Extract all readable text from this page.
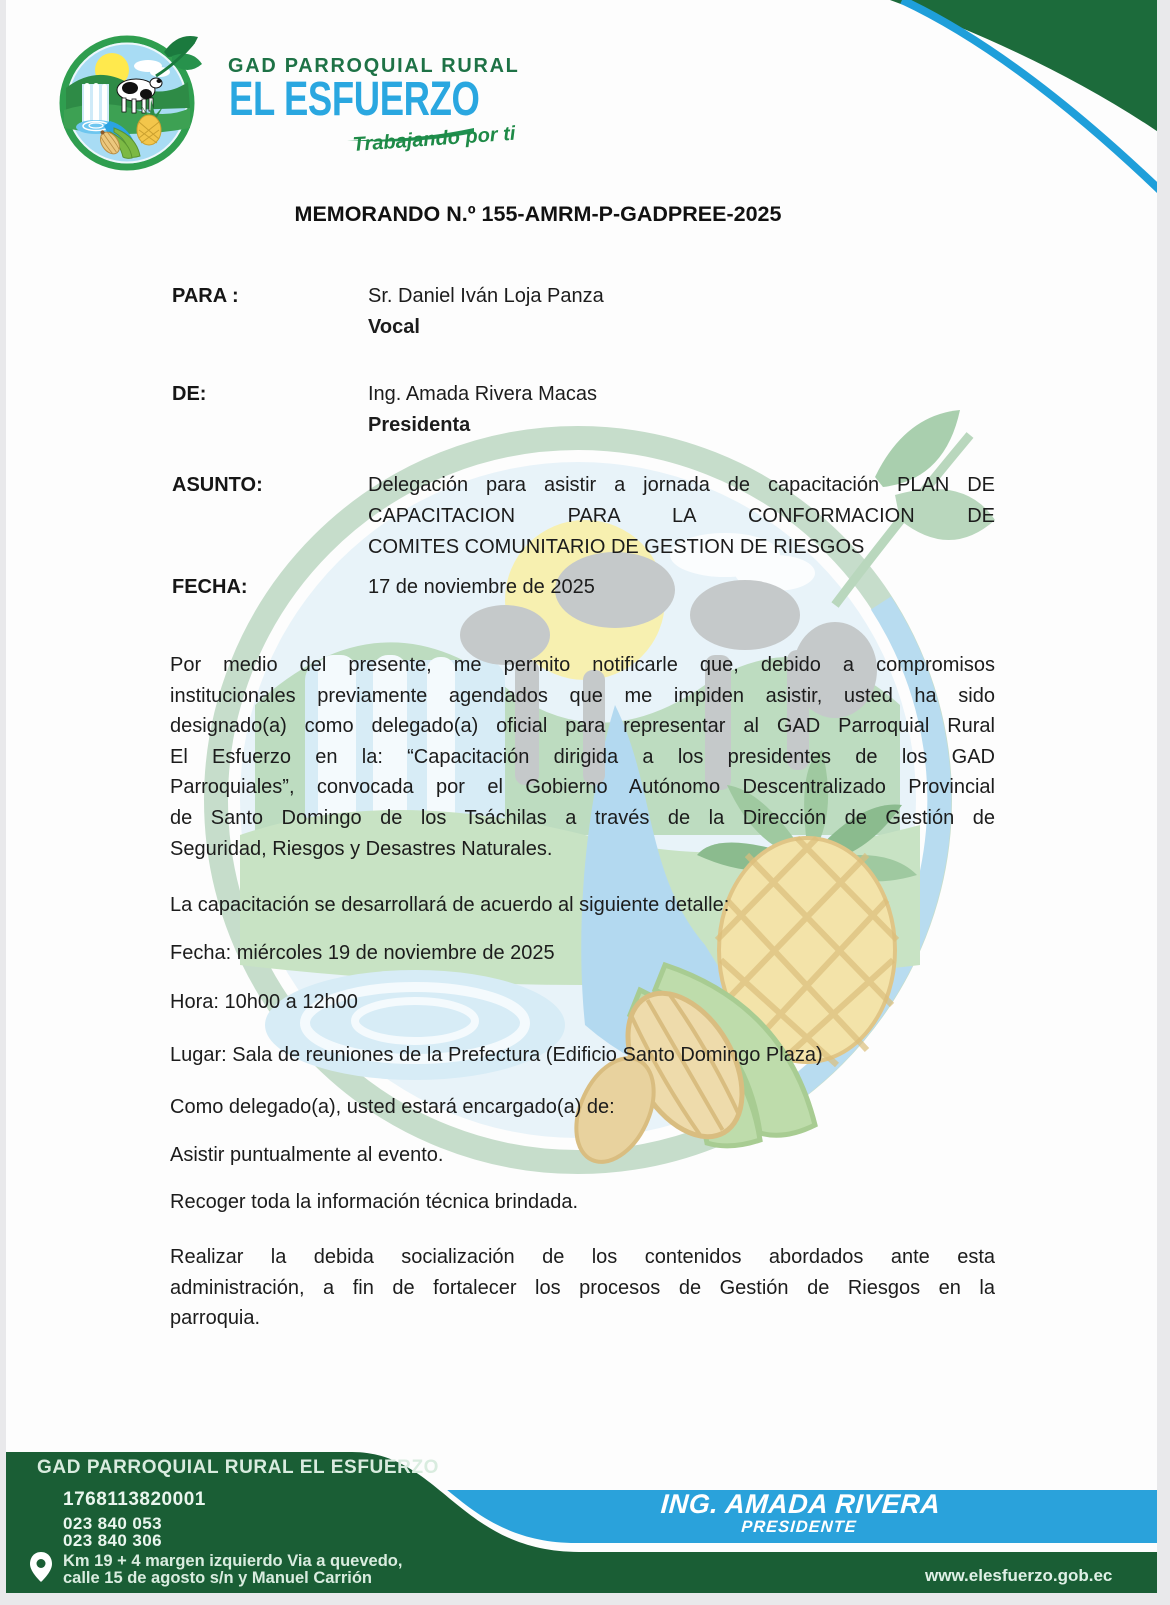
GAD PARROQUIAL RURAL
EL ESFUERZO
Trabajando por ti
MEMORANDO N.º 155-AMRM-P-GADPREE-2025
PARA :	Sr. Daniel Iván Loja Panza
Vocal
DE:	Ing. Amada Rivera Macas
Presidenta
ASUNTO:	Delegación para asistir a jornada de capacitación PLAN DE
CAPACITACION PARA LA CONFORMACION DE
COMITES COMUNITARIO DE GESTION DE RIESGOS
FECHA:	17 de noviembre de 2025
Por medio del presente, me permito notificarle que, debido a compromisos
institucionales previamente agendados que me impiden asistir, usted ha sido
designado(a) como delegado(a) oficial para representar al GAD Parroquial Rural
El Esfuerzo en la: “Capacitación dirigida a los presidentes de los GAD
Parroquiales”, convocada por el Gobierno Autónomo Descentralizado Provincial
de Santo Domingo de los Tsáchilas a través de la Dirección de Gestión de
Seguridad, Riesgos y Desastres Naturales.
La capacitación se desarrollará de acuerdo al siguiente detalle:
Fecha: miércoles 19 de noviembre de 2025
Hora: 10h00 a 12h00
Lugar: Sala de reuniones de la Prefectura (Edificio Santo Domingo Plaza)
Como delegado(a), usted estará encargado(a) de:
Asistir puntualmente al evento.
Recoger toda la información técnica brindada.
Realizar la debida socialización de los contenidos abordados ante esta
administración, a fin de fortalecer los procesos de Gestión de Riesgos en la
parroquia.
GAD PARROQUIAL RURAL EL ESFUERZO
1768113820001
023 840 053
023 840 306
Km 19 + 4 margen izquierdo Via a quevedo,
calle 15 de agosto s/n y Manuel Carrión
ING. AMADA RIVERA
PRESIDENTE
www.elesfuerzo.gob.ec
